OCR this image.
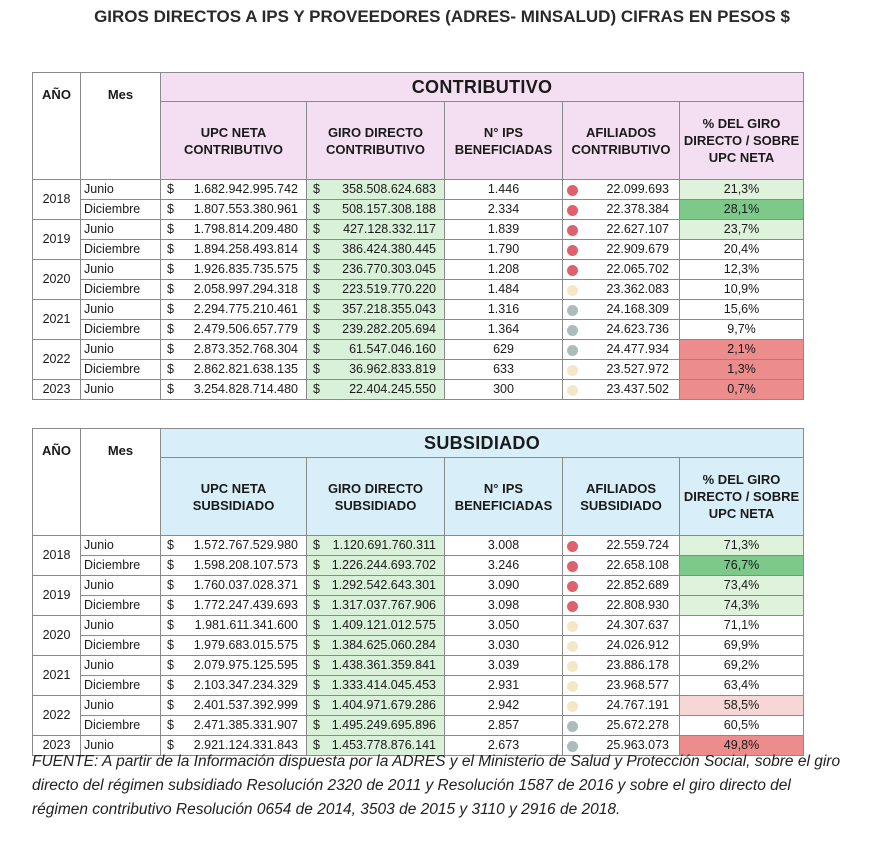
GIROS DIRECTOS A IPS Y PROVEEDORES (ADRES- MINSALUD) CIFRAS EN PESOS $
AÑO	Mes	CONTRIBUTIVO				
		UPC NETA CONTRIBUTIVO	GIRO DIRECTO CONTRIBUTIVO	N° IPS BENEFICIADAS	AFILIADOS CONTRIBUTIVO	% DEL GIRO DIRECTO / SOBRE UPC NETA
2018	Junio	$ 1.682.942.995.742	$ 358.508.624.683	1.446	22.099.693	21,3%
	Diciembre	$ 1.807.553.380.961	$ 508.157.308.188	2.334	22.378.384	28,1%
2019	Junio	$ 1.798.814.209.480	$ 427.128.332.117	1.839	22.627.107	23,7%
	Diciembre	$ 1.894.258.493.814	$ 386.424.380.445	1.790	22.909.679	20,4%
2020	Junio	$ 1.926.835.735.575	$ 236.770.303.045	1.208	22.065.702	12,3%
	Diciembre	$ 2.058.997.294.318	$ 223.519.770.220	1.484	23.362.083	10,9%
2021	Junio	$ 2.294.775.210.461	$ 357.218.355.043	1.316	24.168.309	15,6%
	Diciembre	$ 2.479.506.657.779	$ 239.282.205.694	1.364	24.623.736	9,7%
2022	Junio	$ 2.873.352.768.304	$ 61.547.046.160	629	24.477.934	2,1%
	Diciembre	$ 2.862.821.638.135	$ 36.962.833.819	633	23.527.972	1,3%
2023	Junio	$ 3.254.828.714.480	$ 22.404.245.550	300	23.437.502	0,7%
AÑO	Mes	SUBSIDIADO				
		UPC NETA SUBSIDIADO	GIRO DIRECTO SUBSIDIADO	N° IPS BENEFICIADAS	AFILIADOS SUBSIDIADO	% DEL GIRO DIRECTO / SOBRE UPC NETA
2018	Junio	$ 1.572.767.529.980	$ 1.120.691.760.311	3.008	22.559.724	71,3%
	Diciembre	$ 1.598.208.107.573	$ 1.226.244.693.702	3.246	22.658.108	76,7%
2019	Junio	$ 1.760.037.028.371	$ 1.292.542.643.301	3.090	22.852.689	73,4%
	Diciembre	$ 1.772.247.439.693	$ 1.317.037.767.906	3.098	22.808.930	74,3%
2020	Junio	$ 1.981.611.341.600	$ 1.409.121.012.575	3.050	24.307.637	71,1%
	Diciembre	$ 1.979.683.015.575	$ 1.384.625.060.284	3.030	24.026.912	69,9%
2021	Junio	$ 2.079.975.125.595	$ 1.438.361.359.841	3.039	23.886.178	69,2%
	Diciembre	$ 2.103.347.234.329	$ 1.333.414.045.453	2.931	23.968.577	63,4%
2022	Junio	$ 2.401.537.392.999	$ 1.404.971.679.286	2.942	24.767.191	58,5%
	Diciembre	$ 2.471.385.331.907	$ 1.495.249.695.896	2.857	25.672.278	60,5%
2023	Junio	$ 2.921.124.331.843	$ 1.453.778.876.141	2.673	25.963.073	49,8%
FUENTE: A partir de la Información dispuesta por la ADRES y el Ministerio de Salud y Protección Social, sobre el giro directo del régimen subsidiado Resolución 2320 de 2011 y Resolución 1587 de 2016 y sobre el giro directo del régimen contributivo Resolución 0654 de 2014, 3503 de 2015 y 3110 y 2916 de 2018.
